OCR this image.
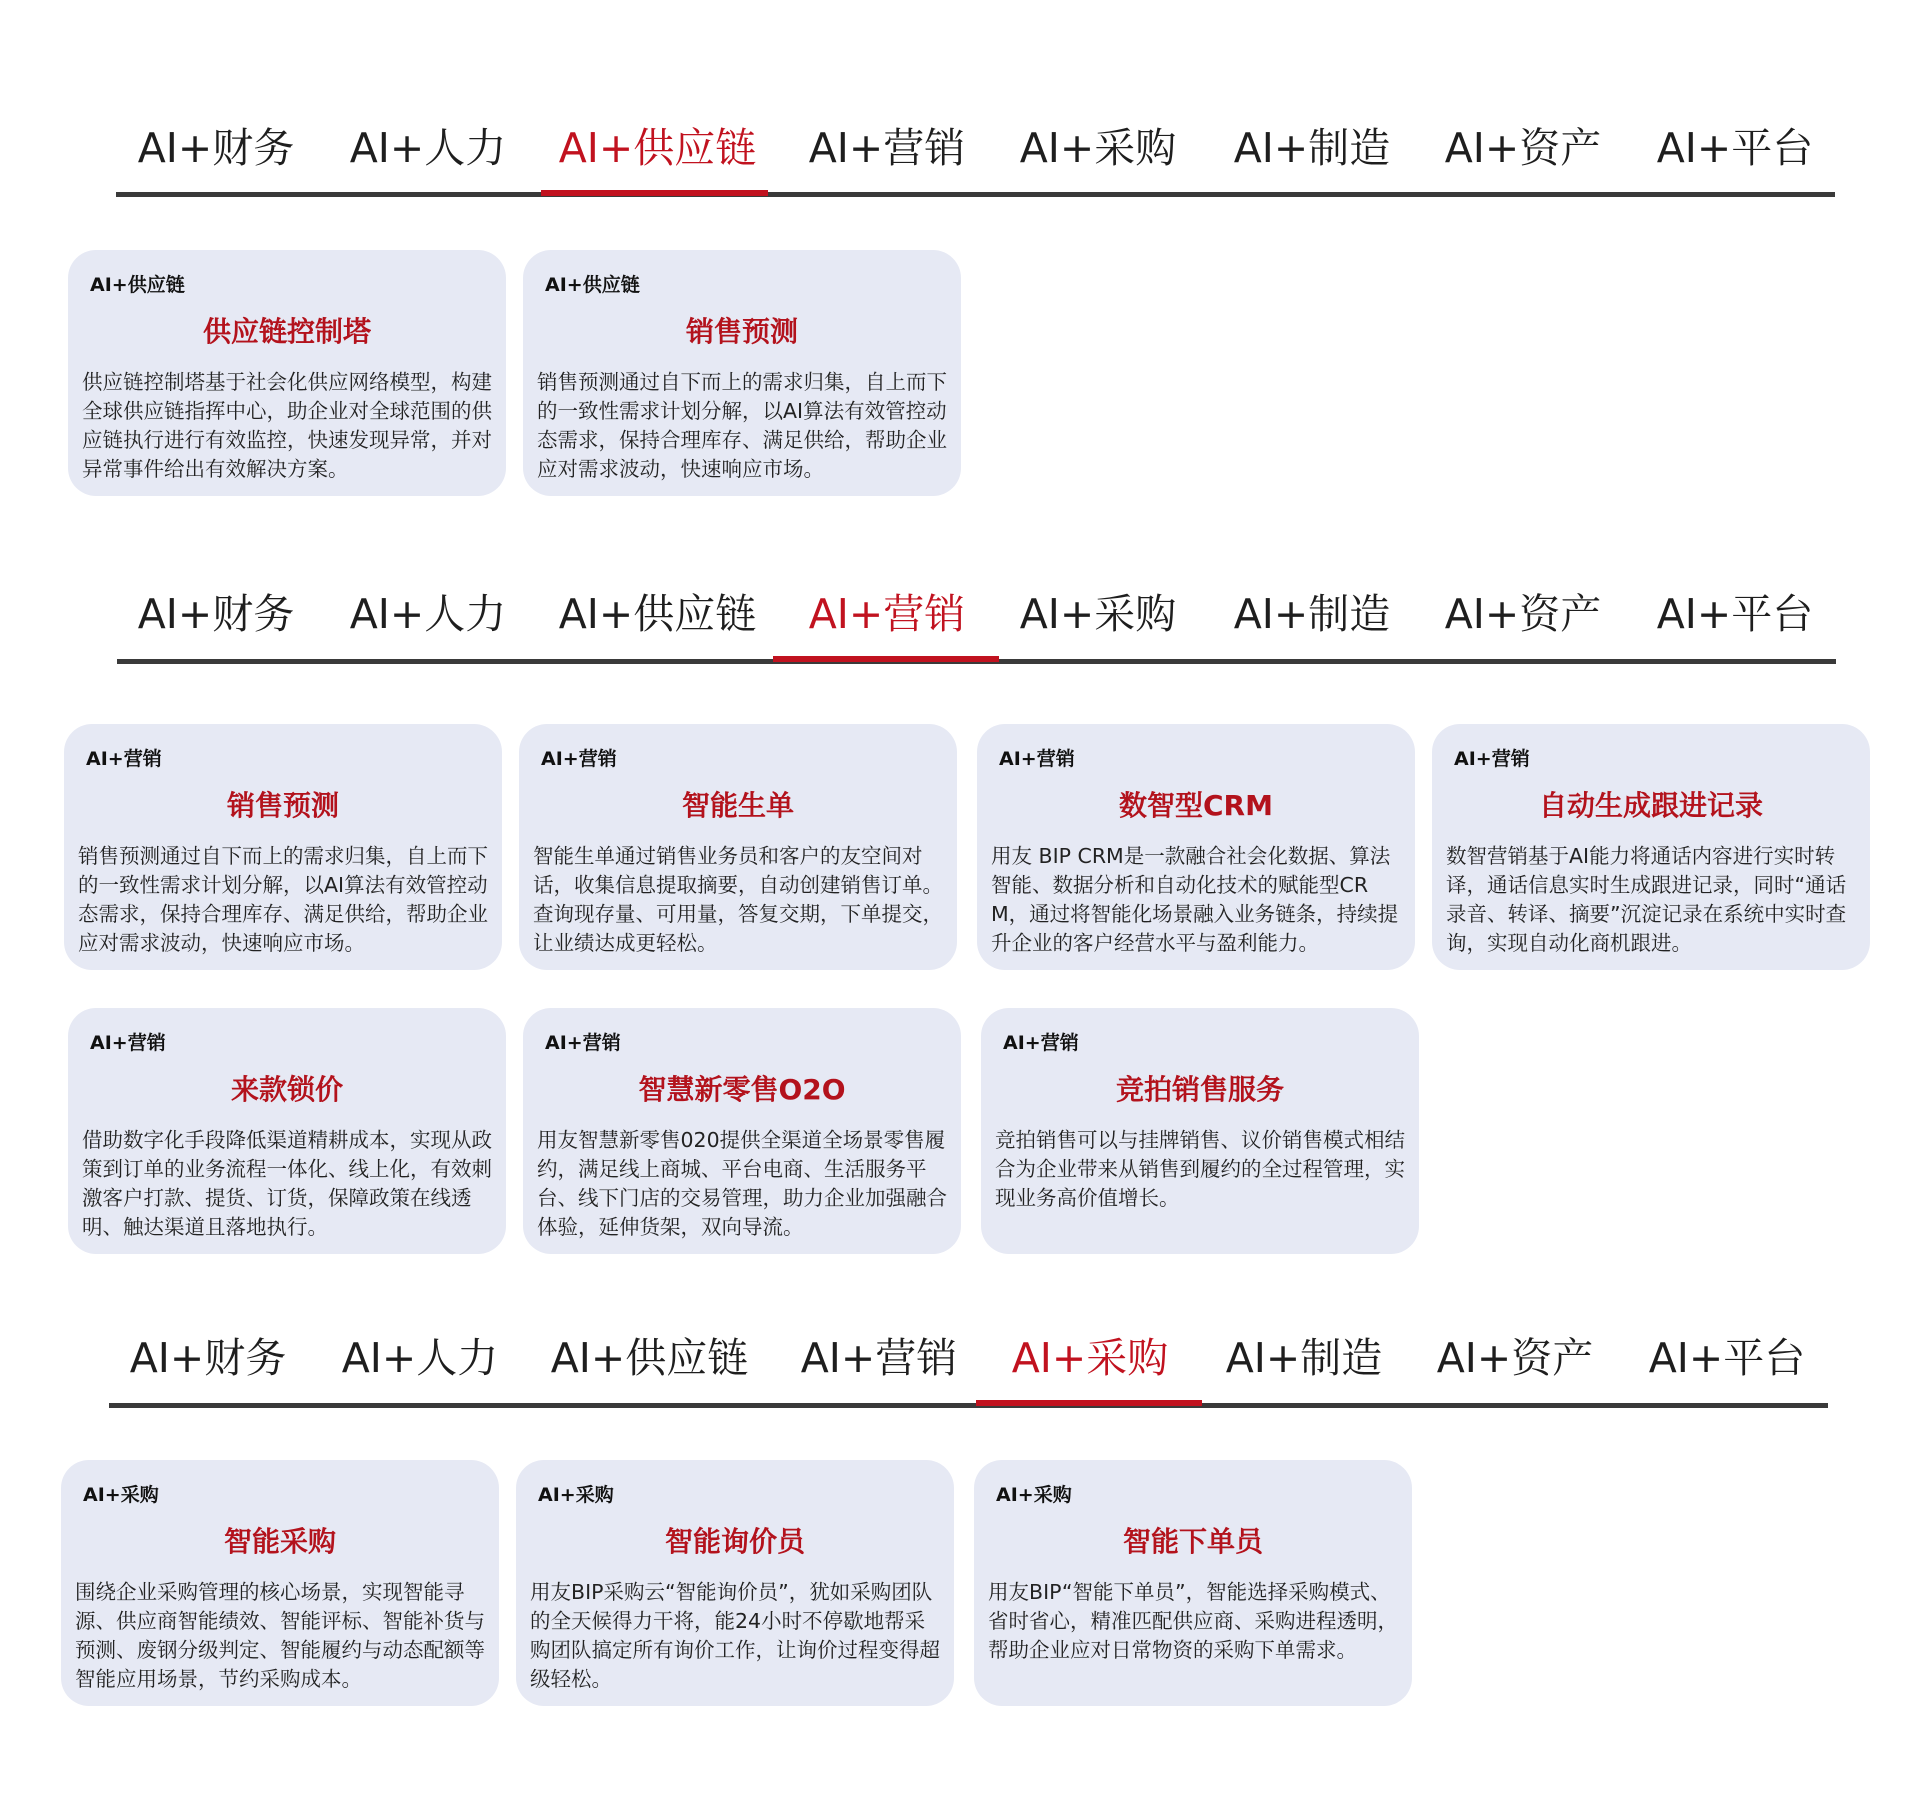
AI+财务 AI+人力	AI+供应链	AI+营销 AI+采购 AI+制造 AI+资产 AI+平台
AI+供应链
供应链控制塔
供应链控制塔基于社会化供应网络模型，构建全球供应链指挥中心，助企业对全球范围的供应链执行进行有效监控，快速发现异常，并对异常事件给出有效解决方案。
AI+供应链
销售预测
销售预测通过自下而上的需求归集，自上而下的一致性需求计划分解，以AI算法有效管控动态需求，保持合理库存、满足供给，帮助企业应对需求波动，快速响应市场。
AI+财务 AI+人力	AI+供应链	AI+营销 AI+采购 AI+制造 AI+资产 AI+平台
AI+营销
销售预测
销售预测通过自下而上的需求归集，自上而下的一致性需求计划分解，以AI算法有效管控动态需求，保持合理库存、满足供给，帮助企业应对需求波动，快速响应市场。
AI+营销
智能生单
智能生单通过销售业务员和客户的友空间对话，收集信息提取摘要，自动创建销售订单。查询现存量、可用量，答复交期，下单提交，让业绩达成更轻松。
AI+营销
数智型CRM
用友 BIP CRM是一款融合社会化数据、算法智能、数据分析和自动化技术的赋能型CRM，通过将智能化场景融入业务链条，持续提升企业的客户经营水平与盈利能力。
AI+营销
自动生成跟进记录
数智营销基于AI能力将通话内容进行实时转译，通话信息实时生成跟进记录，同时“通话录音、转译、摘要”沉淀记录在系统中实时查询，实现自动化商机跟进。
AI+营销
来款锁价
借助数字化手段降低渠道精耕成本，实现从政策到订单的业务流程一体化、线上化，有效刺激客户打款、提货、订货，保障政策在线透明、触达渠道且落地执行。
AI+营销
智慧新零售O2O
用友智慧新零售020提供全渠道全场景零售履约，满足线上商城、平台电商、生活服务平台、线下门店的交易管理，助力企业加强融合体验，延伸货架，双向导流。
AI+营销
竞拍销售服务
竞拍销售可以与挂牌销售、议价销售模式相结合为企业带来从销售到履约的全过程管理，实现业务高价值增长。
AI+财务 AI+人力	AI+供应链	AI+营销 AI+采购 AI+制造 AI+资产 AI+平台
AI+采购
智能采购
围绕企业采购管理的核心场景，实现智能寻源、供应商智能绩效、智能评标、智能补货与预测、废钢分级判定、智能履约与动态配额等智能应用场景，节约采购成本。
AI+采购
智能询价员
用友BIP采购云“智能询价员”，犹如采购团队的全天候得力干将，能24小时不停歇地帮采购团队搞定所有询价工作，让询价过程变得超级轻松。
AI+采购
智能下单员
用友BIP“智能下单员”，智能选择采购模式、省时省心，精准匹配供应商、采购进程透明，帮助企业应对日常物资的采购下单需求。
